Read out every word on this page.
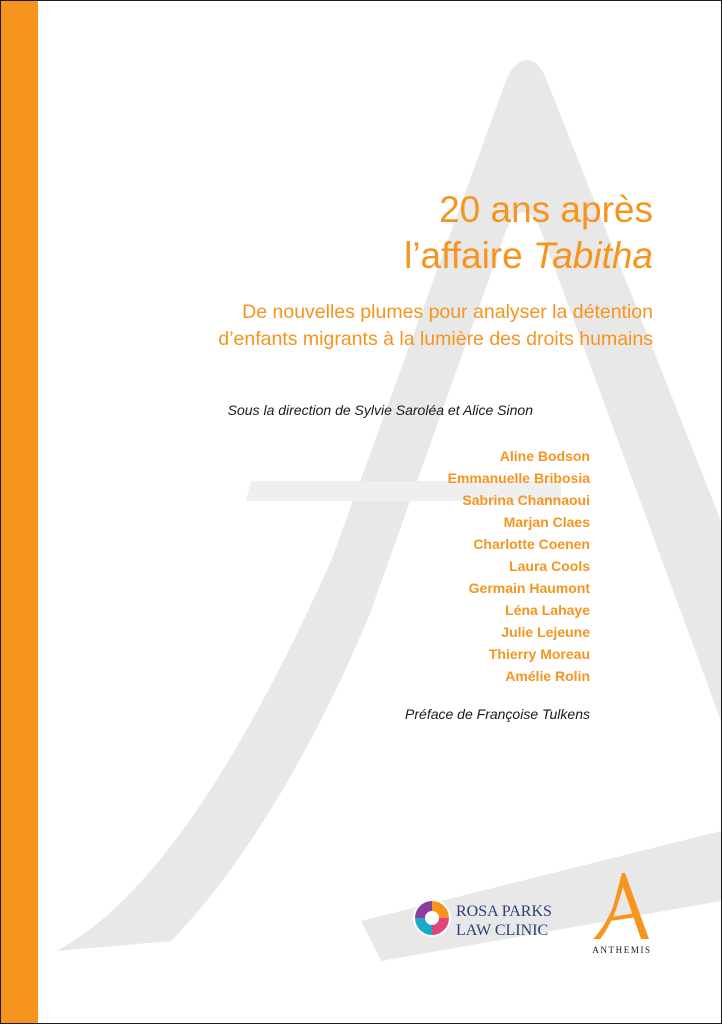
20 ans après
l’affaire Tabitha
De nouvelles plumes pour analyser la détention
d’enfants migrants à la lumière des droits humains
Sous la direction de Sylvie Saroléa et Alice Sinon
Aline Bodson
Emmanuelle Bribosia
Sabrina Channaoui
Marjan Claes
Charlotte Coenen
Laura Cools
Germain Haumont
Léna Lahaye
Julie Lejeune
Thierry Moreau
Amélie Rolin
Préface de Françoise Tulkens
ROSA PARKS
LAW CLINIC
ANTHEMIS
